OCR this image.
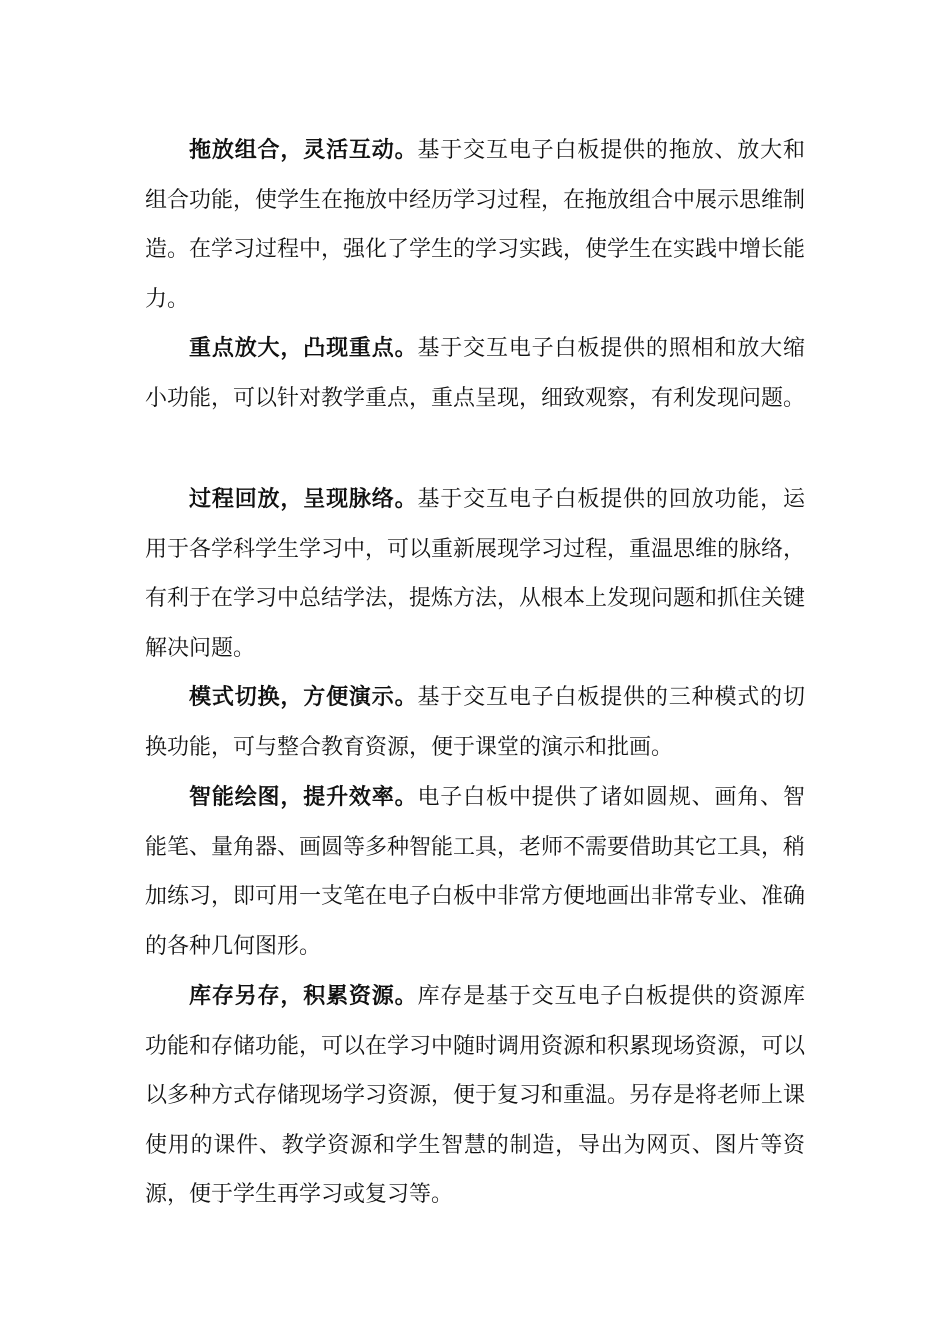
拖放组合，灵活互动。基于交互电子白板提供的拖放、放大和组合功能，使学生在拖放中经历学习过程，在拖放组合中展示思维制造。在学习过程中，强化了学生的学习实践，使学生在实践中增长能力。

重点放大，凸现重点。基于交互电子白板提供的照相和放大缩小功能，可以针对教学重点，重点呈现，细致观察，有利发现问题。

过程回放，呈现脉络。基于交互电子白板提供的回放功能，运用于各学科学生学习中，可以重新展现学习过程，重温思维的脉络，有利于在学习中总结学法，提炼方法，从根本上发现问题和抓住关键解决问题。

模式切换，方便演示。基于交互电子白板提供的三种模式的切换功能，可与整合教育资源，便于课堂的演示和批画。

智能绘图，提升效率。电子白板中提供了诸如圆规、画角、智能笔、量角器、画圆等多种智能工具，老师不需要借助其它工具，稍加练习，即可用一支笔在电子白板中非常方便地画出非常专业、准确的各种几何图形。

库存另存，积累资源。库存是基于交互电子白板提供的资源库功能和存储功能，可以在学习中随时调用资源和积累现场资源，可以以多种方式存储现场学习资源，便于复习和重温。另存是将老师上课使用的课件、教学资源和学生智慧的制造，导出为网页、图片等资源，便于学生再学习或复习等。
